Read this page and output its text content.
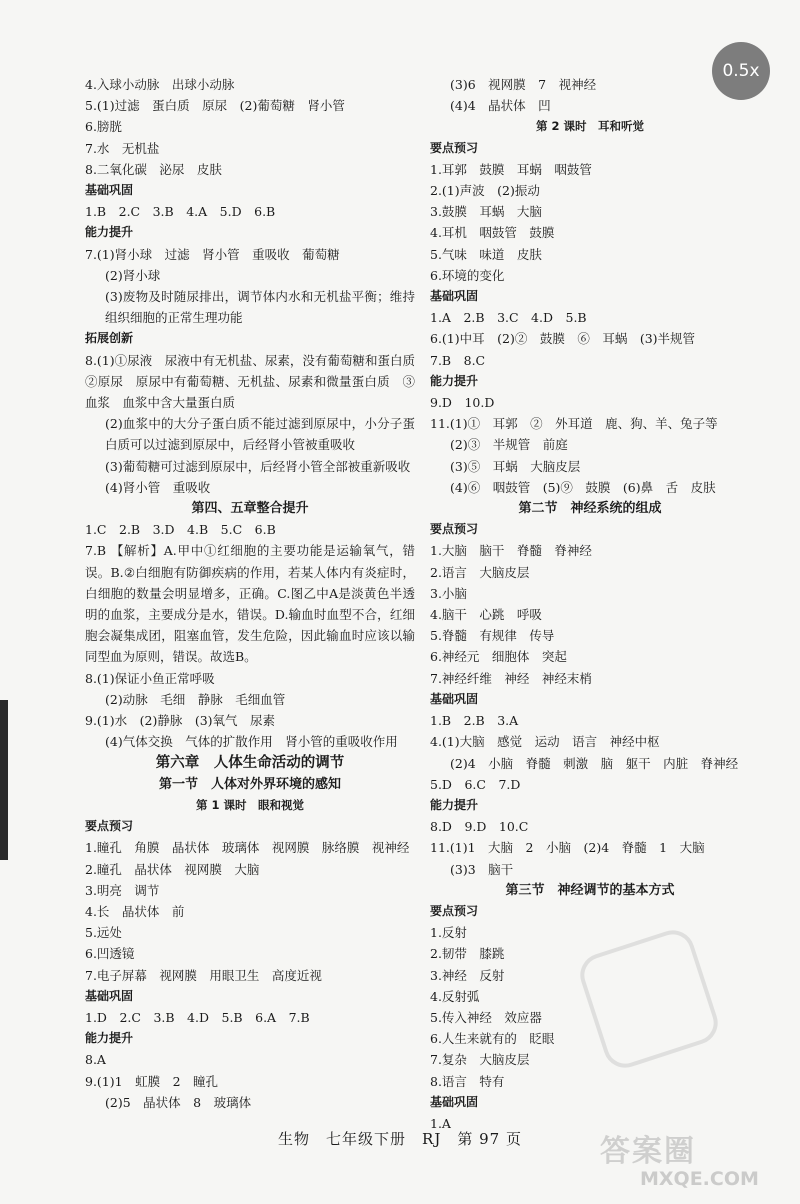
4.入球小动脉　出球小动脉
5.(1)过滤　蛋白质　原尿　(2)葡萄糖　肾小管
6.膀胱
7.水　无机盐
8.二氧化碳　泌尿　皮肤
基础巩固
1.B　2.C　3.B　4.A　5.D　6.B
能力提升
7.(1)肾小球　过滤　肾小管　重吸收　葡萄糖
(2)肾小球
(3)废物及时随尿排出，调节体内水和无机盐平衡；维持组织细胞的正常生理功能
拓展创新
8.(1)①尿液　尿液中有无机盐、尿素，没有葡萄糖和蛋白质　②原尿　原尿中有葡萄糖、无机盐、尿素和微量蛋白质　③血浆　血浆中含大量蛋白质
(2)血浆中的大分子蛋白质不能过滤到原尿中，小分子蛋白质可以过滤到原尿中，后经肾小管被重吸收
(3)葡萄糖可过滤到原尿中，后经肾小管全部被重新吸收
(4)肾小管　重吸收
第四、五章整合提升
1.C　2.B　3.D　4.B　5.C　6.B
7.B 【解析】A.甲中①红细胞的主要功能是运输氧气，错误。B.②白细胞有防御疾病的作用，若某人体内有炎症时，白细胞的数量会明显增多，正确。C.图乙中A是淡黄色半透明的血浆，主要成分是水，错误。D.输血时血型不合，红细胞会凝集成团，阻塞血管，发生危险，因此输血时应该以输同型血为原则，错误。故选B。
8.(1)保证小鱼正常呼吸
(2)动脉　毛细　静脉　毛细血管
9.(1)水　(2)静脉　(3)氧气　尿素
(4)气体交换　气体的扩散作用　肾小管的重吸收作用
第六章　人体生命活动的调节
第一节　人体对外界环境的感知
第 1 课时　眼和视觉
要点预习
1.瞳孔　角膜　晶状体　玻璃体　视网膜　脉络膜　视神经
2.瞳孔　晶状体　视网膜　大脑
3.明亮　调节
4.长　晶状体　前
5.远处
6.凹透镜
7.电子屏幕　视网膜　用眼卫生　高度近视
基础巩固
1.D　2.C　3.B　4.D　5.B　6.A　7.B
能力提升
8.A
9.(1)1　虹膜　2　瞳孔
(2)5　晶状体　8　玻璃体
(3)6　视网膜　7　视神经
(4)4　晶状体　凹
第 2 课时　耳和听觉
要点预习
1.耳郭　鼓膜　耳蜗　咽鼓管
2.(1)声波　(2)振动
3.鼓膜　耳蜗　大脑
4.耳机　咽鼓管　鼓膜
5.气味　味道　皮肤
6.环境的变化
基础巩固
1.A　2.B　3.C　4.D　5.B
6.(1)中耳　(2)②　鼓膜　⑥　耳蜗　(3)半规管
7.B　8.C
能力提升
9.D　10.D
11.(1)①　耳郭　②　外耳道　鹿、狗、羊、兔子等
(2)③　半规管　前庭
(3)⑤　耳蜗　大脑皮层
(4)⑥　咽鼓管　(5)⑨　鼓膜　(6)鼻　舌　皮肤
第二节　神经系统的组成
要点预习
1.大脑　脑干　脊髓　脊神经
2.语言　大脑皮层
3.小脑
4.脑干　心跳　呼吸
5.脊髓　有规律　传导
6.神经元　细胞体　突起
7.神经纤维　神经　神经末梢
基础巩固
1.B　2.B　3.A
4.(1)大脑　感觉　运动　语言　神经中枢
(2)4　小脑　脊髓　刺激　脑　躯干　内脏　脊神经
5.D　6.C　7.D
能力提升
8.D　9.D　10.C
11.(1)1　大脑　2　小脑　(2)4　脊髓　1　大脑
(3)3　脑干
第三节　神经调节的基本方式
要点预习
1.反射
2.韧带　膝跳
3.神经　反射
4.反射弧
5.传入神经　效应器
6.人生来就有的　眨眼
7.复杂　大脑皮层
8.语言　特有
基础巩固
1.A
答案圈
MXQE.COM
生物　七年级下册　RJ　第 97 页
0.5x
